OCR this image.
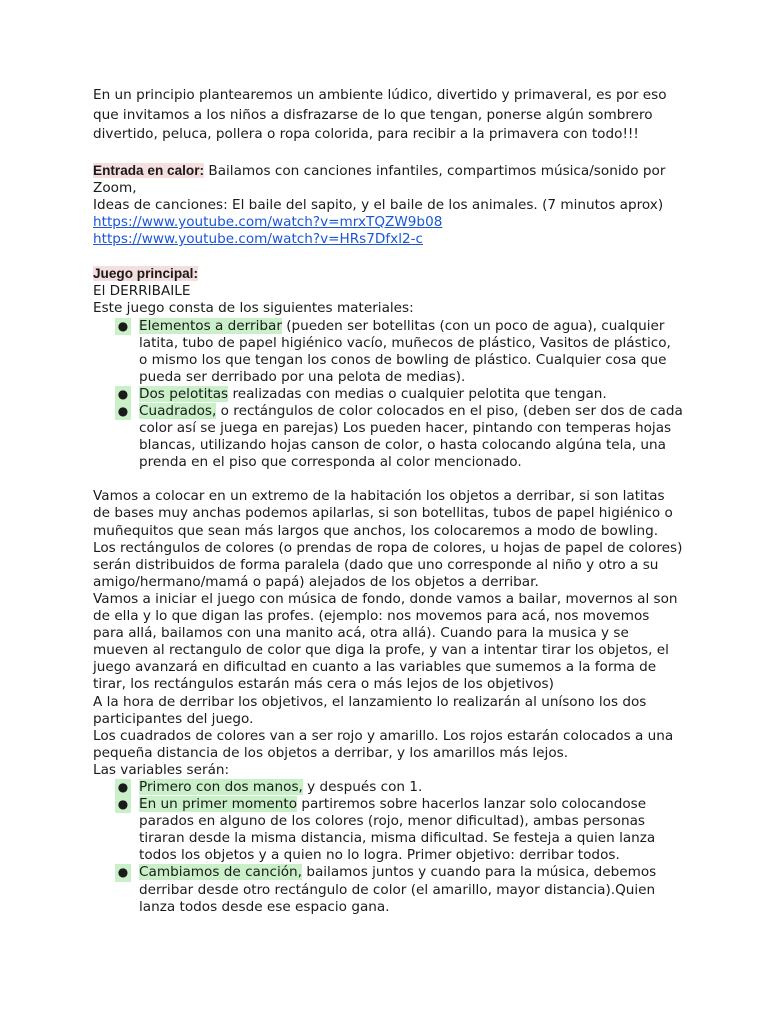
En un principio plantearemos un ambiente lúdico, divertido y primaveral, es por eso que invitamos a los niños a disfrazarse de lo que tengan, ponerse algún sombrero divertido, peluca, pollera o ropa colorida, para recibir a la primavera con todo!!!

Entrada en calor: Bailamos con canciones infantiles, compartimos música/sonido por Zoom,

Ideas de canciones: El baile del sapito, y el baile de los animales. (7 minutos aprox)

https://www.youtube.com/watch?v=mrxTQZW9b08

https://www.youtube.com/watch?v=HRs7Dfxl2-c

Juego principal:

El DERRIBAILE

Este juego consta de los siguientes materiales:

● Elementos a derribar (pueden ser botellitas (con un poco de agua), cualquier latita, tubo de papel higiénico vacío, muñecos de plástico, Vasitos de plástico, o mismo los que tengan los conos de bowling de plástico. Cualquier cosa que pueda ser derribado por una pelota de medias).
● Dos pelotitas realizadas con medias o cualquier pelotita que tengan.
● Cuadrados, o rectángulos de color colocados en el piso, (deben ser dos de cada color así se juega en parejas) Los pueden hacer, pintando con temperas hojas blancas, utilizando hojas canson de color, o hasta colocando algúna tela, una prenda en el piso que corresponda al color mencionado.

Vamos a colocar en un extremo de la habitación los objetos a derribar, si son latitas de bases muy anchas podemos apilarlas, si son botellitas, tubos de papel higiénico o muñequitos que sean más largos que anchos, los colocaremos a modo de bowling.

Los rectángulos de colores (o prendas de ropa de colores, u hojas de papel de colores) serán distribuidos de forma paralela (dado que uno corresponde al niño y otro a su amigo/hermano/mamá o papá) alejados de los objetos a derribar.

Vamos a iniciar el juego con música de fondo, donde vamos a bailar, movernos al son de ella y lo que digan las profes. (ejemplo: nos movemos para acá, nos movemos para allá, bailamos con una manito acá, otra allá). Cuando para la musica y se mueven al rectangulo de color que diga la profe, y van a intentar tirar los objetos, el juego avanzará en dificultad en cuanto a las variables que sumemos a la forma de tirar, los rectángulos estarán más cera o más lejos de los objetivos)

A la hora de derribar los objetivos, el lanzamiento lo realizarán al unísono los dos participantes del juego.

Los cuadrados de colores van a ser rojo y amarillo. Los rojos estarán colocados a una pequeña distancia de los objetos a derribar, y los amarillos más lejos.

Las variables serán:

● Primero con dos manos, y después con 1.
● En un primer momento partiremos sobre hacerlos lanzar solo colocandose parados en alguno de los colores (rojo, menor dificultad), ambas personas tiraran desde la misma distancia, misma dificultad. Se festeja a quien lanza todos los objetos y a quien no lo logra. Primer objetivo: derribar todos.
● Cambiamos de canción, bailamos juntos y cuando para la música, debemos derribar desde otro rectángulo de color (el amarillo, mayor distancia).Quien lanza todos desde ese espacio gana.
